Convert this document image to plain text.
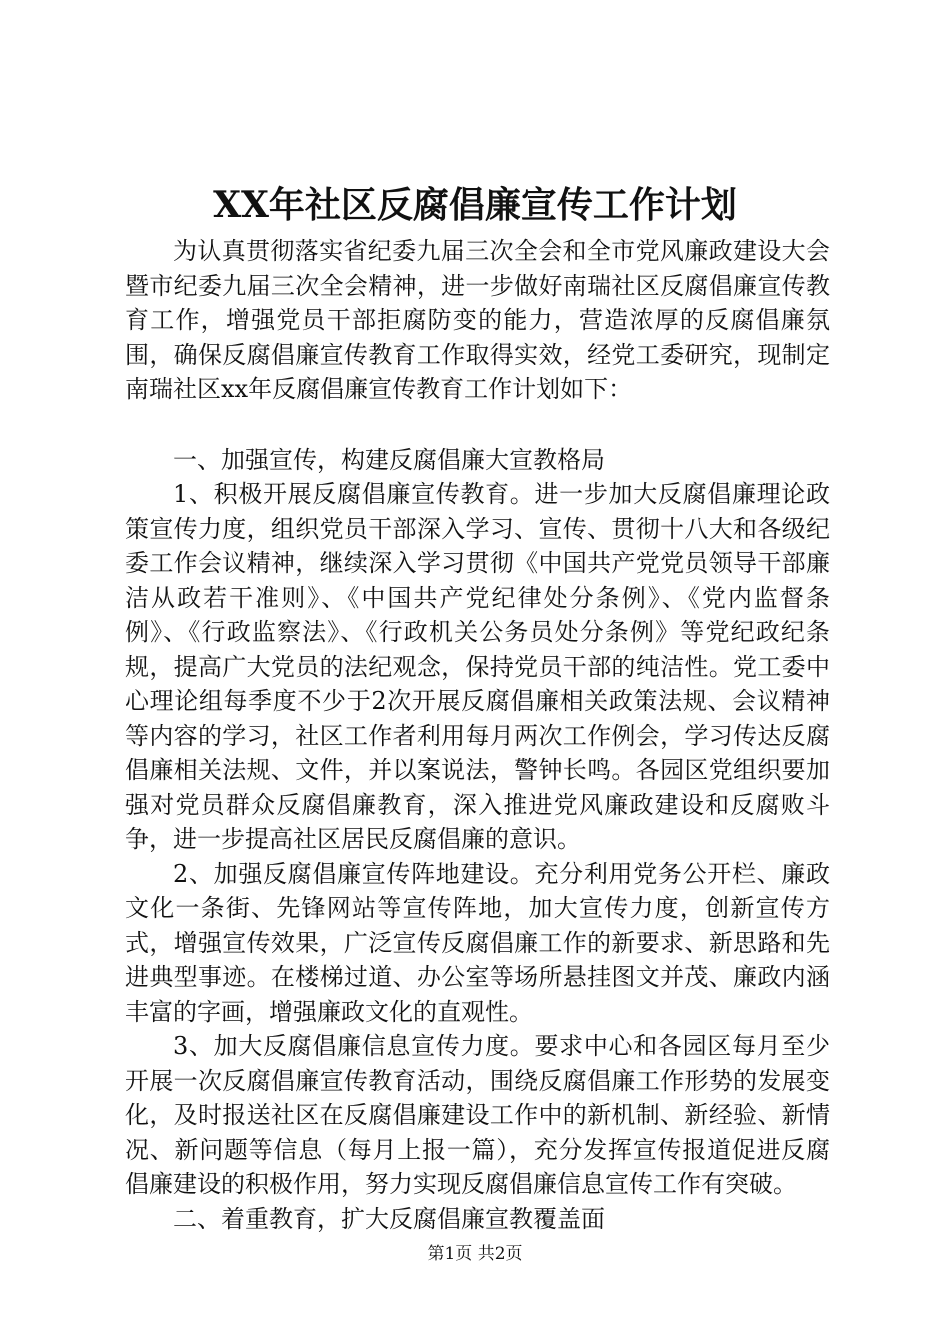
XX年社区反腐倡廉宣传工作计划

为认真贯彻落实省纪委九届三次全会和全市党风廉政建设大会暨市纪委九届三次全会精神，进一步做好南瑞社区反腐倡廉宣传教育工作，增强党员干部拒腐防变的能力，营造浓厚的反腐倡廉氛围，确保反腐倡廉宣传教育工作取得实效，经党工委研究，现制定南瑞社区xx年反腐倡廉宣传教育工作计划如下：

一、加强宣传，构建反腐倡廉大宣教格局

1、积极开展反腐倡廉宣传教育。进一步加大反腐倡廉理论政策宣传力度，组织党员干部深入学习、宣传、贯彻十八大和各级纪委工作会议精神，继续深入学习贯彻《中国共产党党员领导干部廉洁从政若干准则》、《中国共产党纪律处分条例》、《党内监督条例》、《行政监察法》、《行政机关公务员处分条例》等党纪政纪条规，提高广大党员的法纪观念，保持党员干部的纯洁性。党工委中心理论组每季度不少于2次开展反腐倡廉相关政策法规、会议精神等内容的学习，社区工作者利用每月两次工作例会，学习传达反腐倡廉相关法规、文件，并以案说法，警钟长鸣。各园区党组织要加强对党员群众反腐倡廉教育，深入推进党风廉政建设和反腐败斗争，进一步提高社区居民反腐倡廉的意识。

2、加强反腐倡廉宣传阵地建设。充分利用党务公开栏、廉政文化一条街、先锋网站等宣传阵地，加大宣传力度，创新宣传方式，增强宣传效果，广泛宣传反腐倡廉工作的新要求、新思路和先进典型事迹。在楼梯过道、办公室等场所悬挂图文并茂、廉政内涵丰富的字画，增强廉政文化的直观性。

3、加大反腐倡廉信息宣传力度。要求中心和各园区每月至少开展一次反腐倡廉宣传教育活动，围绕反腐倡廉工作形势的发展变化，及时报送社区在反腐倡廉建设工作中的新机制、新经验、新情况、新问题等信息（每月上报一篇），充分发挥宣传报道促进反腐倡廉建设的积极作用，努力实现反腐倡廉信息宣传工作有突破。

二、着重教育，扩大反腐倡廉宣教覆盖面

第1页 共2页
